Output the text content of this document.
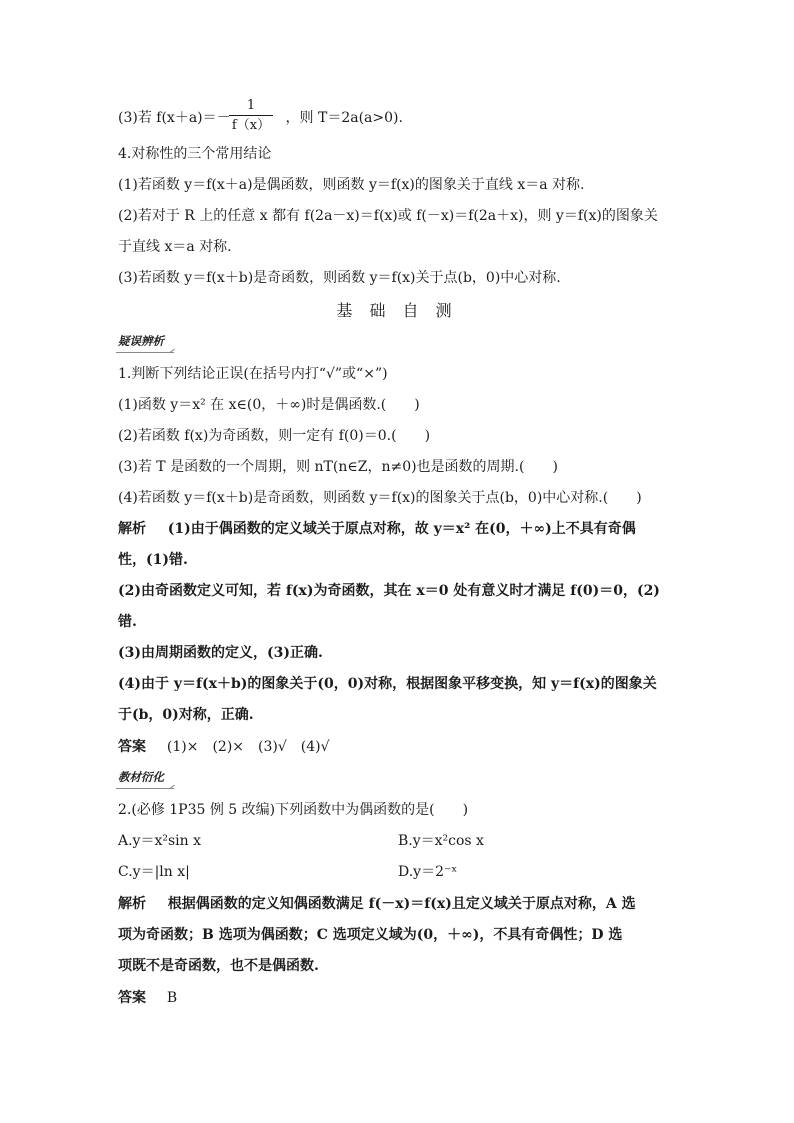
(3)若 f(x＋a)＝－	，则 T＝2a(a>0).
1
f（x）
4.对称性的三个常用结论
(1)若函数 y＝f(x＋a)是偶函数，则函数 y＝f(x)的图象关于直线 x＝a 对称.
(2)若对于 R 上的任意 x 都有 f(2a－x)＝f(x)或 f(－x)＝f(2a＋x)，则 y＝f(x)的图象关
于直线 x＝a 对称.
(3)若函数 y＝f(x＋b)是奇函数，则函数 y＝f(x)关于点(b，0)中心对称.
基 础 自 测
疑误辨析
1.判断下列结论正误(在括号内打“√”或“×”)
(1)函数 y＝x² 在 x∈(0，＋∞)时是偶函数.(　　)
(2)若函数 f(x)为奇函数，则一定有 f(0)＝0.(　　)
(3)若 T 是函数的一个周期，则 nT(n∈Z，n≠0)也是函数的周期.(　　)
(4)若函数 y＝f(x＋b)是奇函数，则函数 y＝f(x)的图象关于点(b，0)中心对称.(　　)
解析 (1)由于偶函数的定义域关于原点对称，故 y＝x² 在(0，＋∞)上不具有奇偶
性，(1)错.
(2)由奇函数定义可知，若 f(x)为奇函数，其在 x＝0 处有意义时才满足 f(0)＝0，(2)
错.
(3)由周期函数的定义，(3)正确.
(4)由于 y＝f(x＋b)的图象关于(0，0)对称，根据图象平移变换，知 y＝f(x)的图象关
于(b，0)对称，正确.
答案 (1)×　(2)×　(3)√　(4)√
教材衍化
2.(必修 1P35 例 5 改编)下列函数中为偶函数的是(　　)
A.y＝x²sin x	B.y＝x²cos x
C.y＝|ln x|	D.y＝2⁻ˣ
解析 根据偶函数的定义知偶函数满足 f(－x)＝f(x)且定义域关于原点对称，A 选
项为奇函数；B 选项为偶函数；C 选项定义域为(0，＋∞)，不具有奇偶性；D 选
项既不是奇函数，也不是偶函数.
答案 B
